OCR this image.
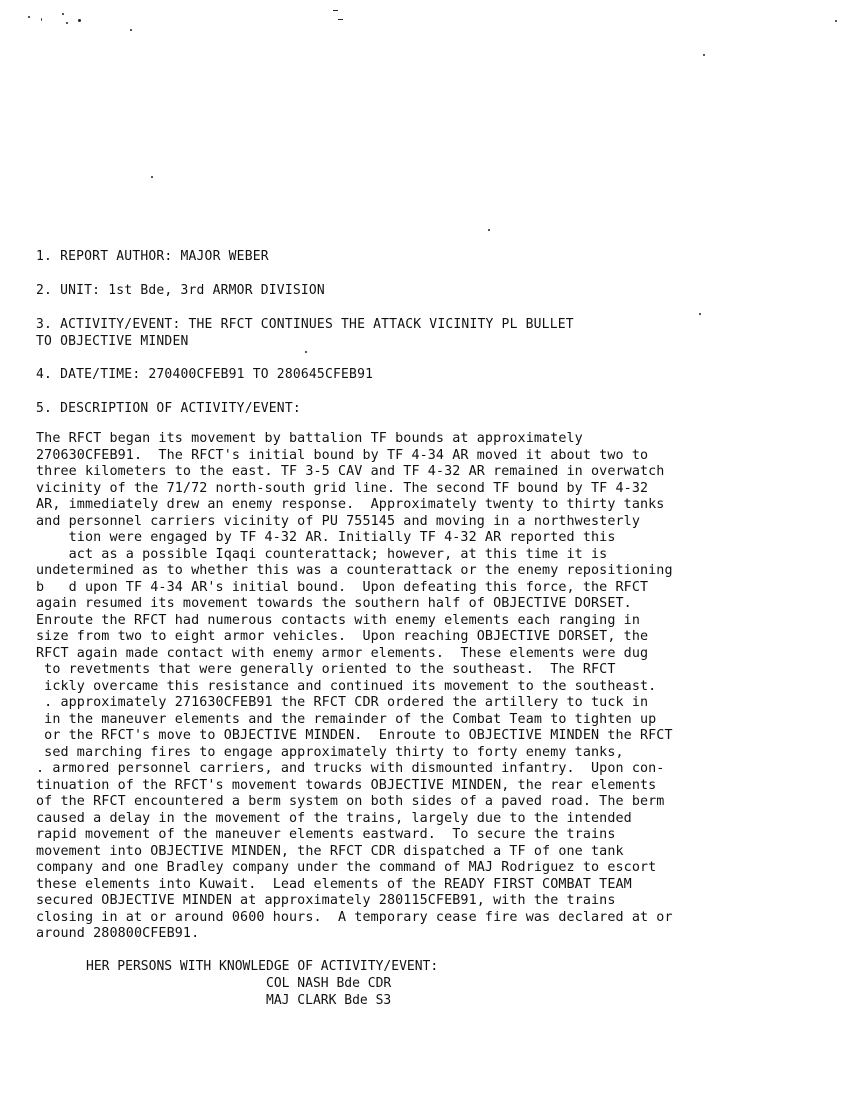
1. REPORT AUTHOR: MAJOR WEBER
2. UNIT: 1st Bde, 3rd ARMOR DIVISION
3. ACTIVITY/EVENT: THE RFCT CONTINUES THE ATTACK VICINITY PL BULLET
TO OBJECTIVE MINDEN
4. DATE/TIME: 270400CFEB91 TO 280645CFEB91
5. DESCRIPTION OF ACTIVITY/EVENT:
The RFCT began its movement by battalion TF bounds at approximately
270630CFEB91.  The RFCT's initial bound by TF 4-34 AR moved it about two to
three kilometers to the east. TF 3-5 CAV and TF 4-32 AR remained in overwatch
vicinity of the 71/72 north-south grid line. The second TF bound by TF 4-32
AR, immediately drew an enemy response.  Approximately twenty to thirty tanks
and personnel carriers vicinity of PU 755145 and moving in a northwesterly
tion were engaged by TF 4-32 AR. Initially TF 4-32 AR reported this
act as a possible Iqaqi counterattack; however, at this time it is
undetermined as to whether this was a counterattack or the enemy repositioning
b   d upon TF 4-34 AR's initial bound.  Upon defeating this force, the RFCT
again resumed its movement towards the southern half of OBJECTIVE DORSET.
Enroute the RFCT had numerous contacts with enemy elements each ranging in
size from two to eight armor vehicles.  Upon reaching OBJECTIVE DORSET, the
RFCT again made contact with enemy armor elements.  These elements were dug
to revetments that were generally oriented to the southeast.  The RFCT
ickly overcame this resistance and continued its movement to the southeast.
. approximately 271630CFEB91 the RFCT CDR ordered the artillery to tuck in
in the maneuver elements and the remainder of the Combat Team to tighten up
or the RFCT's move to OBJECTIVE MINDEN.  Enroute to OBJECTIVE MINDEN the RFCT
sed marching fires to engage approximately thirty to forty enemy tanks,
. armored personnel carriers, and trucks with dismounted infantry.  Upon con-
tinuation of the RFCT's movement towards OBJECTIVE MINDEN, the rear elements
of the RFCT encountered a berm system on both sides of a paved road. The berm
caused a delay in the movement of the trains, largely due to the intended
rapid movement of the maneuver elements eastward.  To secure the trains
movement into OBJECTIVE MINDEN, the RFCT CDR dispatched a TF of one tank
company and one Bradley company under the command of MAJ Rodriguez to escort
these elements into Kuwait.  Lead elements of the READY FIRST COMBAT TEAM
secured OBJECTIVE MINDEN at approximately 280115CFEB91, with the trains
closing in at or around 0600 hours.  A temporary cease fire was declared at or
around 280800CFEB91.
HER PERSONS WITH KNOWLEDGE OF ACTIVITY/EVENT:
COL NASH Bde CDR
MAJ CLARK Bde S3
